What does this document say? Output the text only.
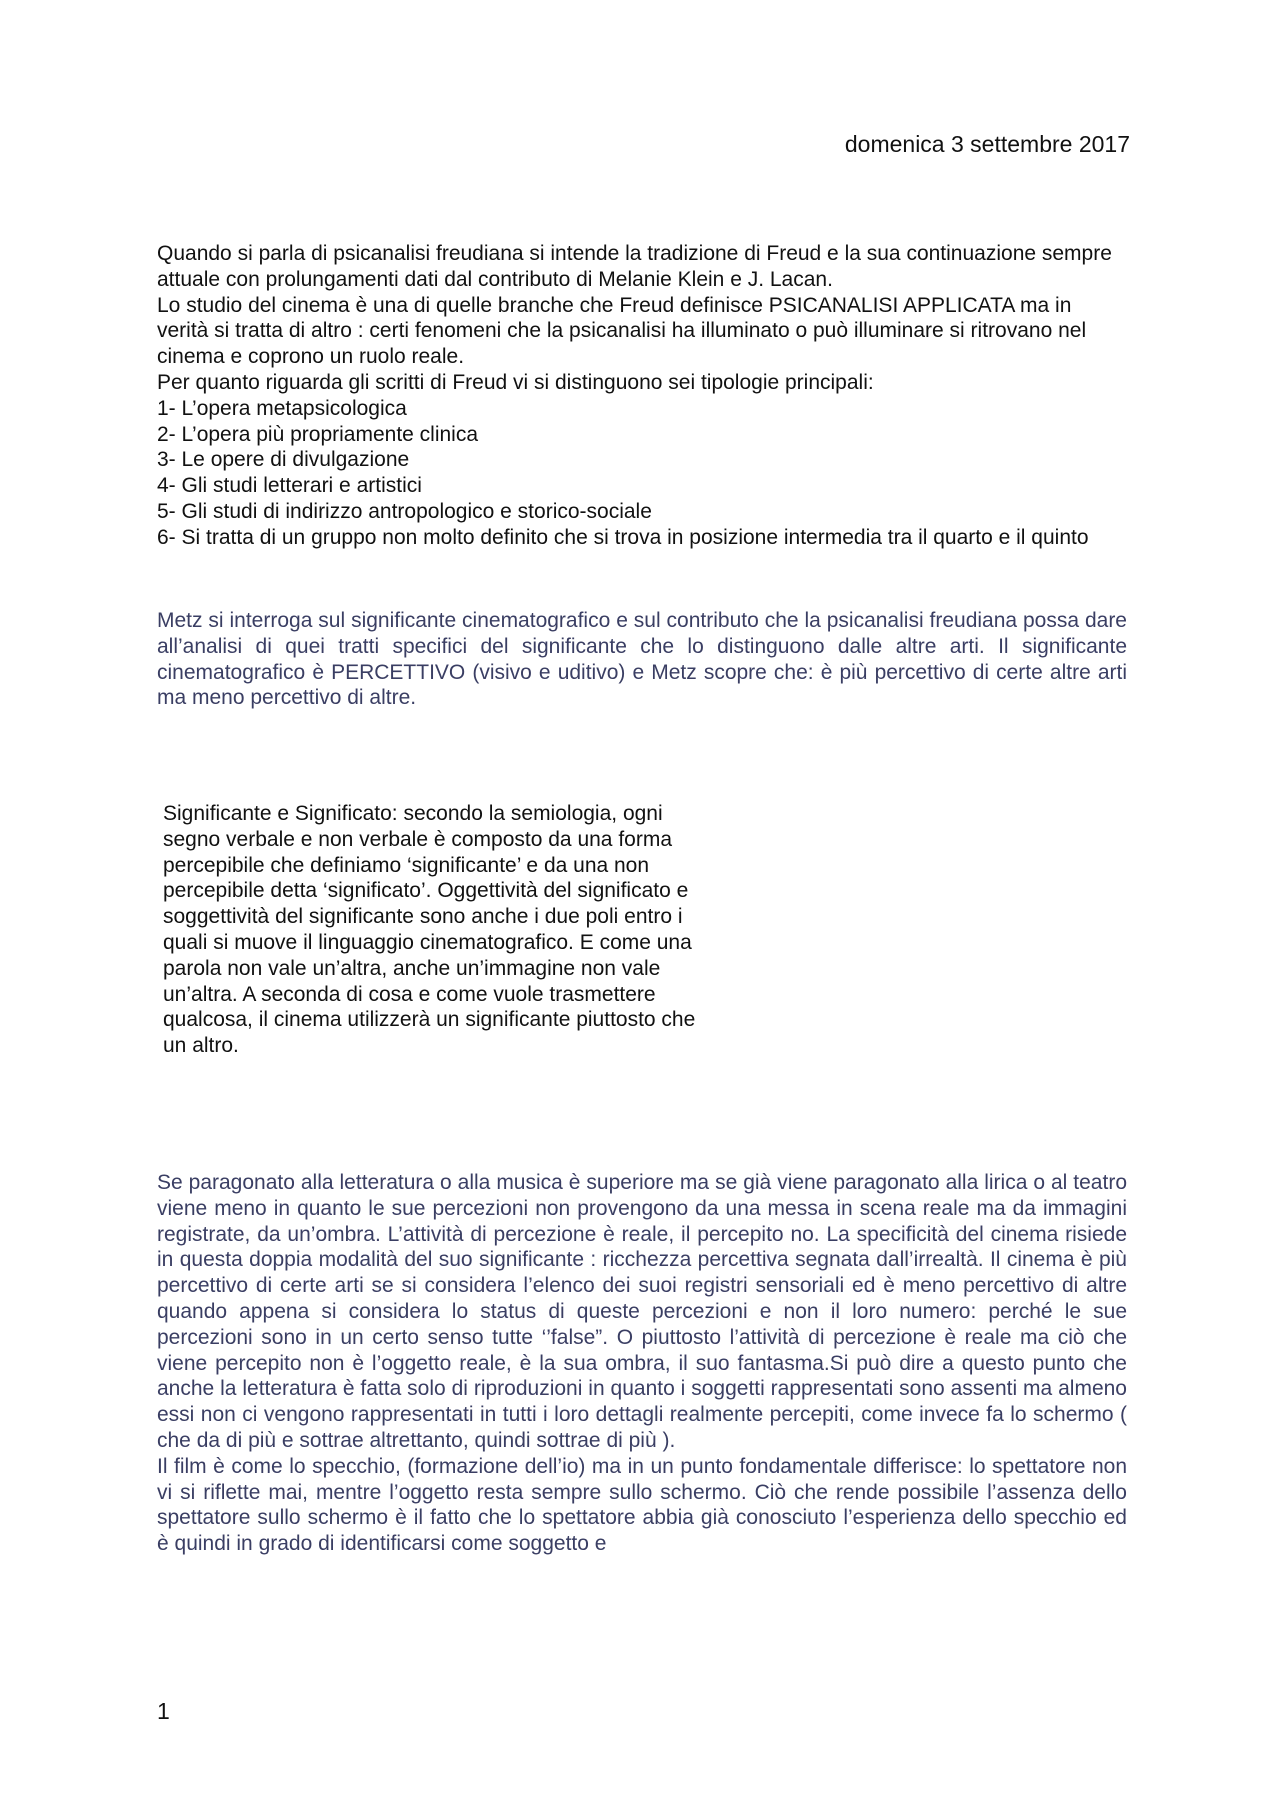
domenica 3 settembre 2017

Quando si parla di psicanalisi freudiana si intende la tradizione di Freud e la sua continuazione sempre attuale con prolungamenti dati dal contributo di Melanie Klein e J. Lacan.

Lo studio del cinema è una di quelle branche che Freud definisce PSICANALISI APPLICATA ma in verità si tratta di altro : certi fenomeni che la psicanalisi ha illuminato o può illuminare si ritrovano nel cinema e coprono un ruolo reale.

Per quanto riguarda gli scritti di Freud vi si distinguono sei tipologie principali:

1- L’opera metapsicologica
2- L’opera più propriamente clinica
3- Le opere di divulgazione
4- Gli studi letterari e artistici
5- Gli studi di indirizzo antropologico e storico-sociale
6- Si tratta di un gruppo non molto definito che si trova in posizione intermedia tra il quarto e il quinto

Metz si interroga sul significante cinematografico e sul contributo che la psicanalisi freudiana possa dare all’analisi di quei tratti specifici del significante che lo distinguono dalle altre arti. Il significante cinematografico è PERCETTIVO (visivo e uditivo) e Metz scopre che: è più percettivo di certe altre arti ma meno percettivo di altre.

Significante e Significato: secondo la semiologia, ogni segno verbale e non verbale è composto da una forma percepibile che definiamo ‘significante’ e da una non percepibile detta ‘significato’. Oggettività del significato e soggettività del significante sono anche i due poli entro i quali si muove il linguaggio cinematografico. E come una parola non vale un’altra, anche un’immagine non vale un’altra. A seconda di cosa e come vuole trasmettere qualcosa, il cinema utilizzerà un significante piuttosto che un altro.

Se paragonato alla letteratura o alla musica è superiore ma se già viene paragonato alla lirica o al teatro viene meno in quanto le sue percezioni non provengono da una messa in scena reale ma da immagini registrate, da un’ombra. L’attività di percezione è reale, il percepito no. La specificità del cinema risiede in questa doppia modalità del suo significante : ricchezza percettiva segnata dall’irrealtà. Il cinema è più percettivo di certe arti se si considera l’elenco dei suoi registri sensoriali ed è meno percettivo di altre quando appena si considera lo status di queste percezioni e non il loro numero: perché le sue percezioni sono in un certo senso tutte ‘’false”. O piuttosto l’attività di percezione è reale ma ciò che viene percepito non è l’oggetto reale, è la sua ombra, il suo fantasma.Si può dire a questo punto che anche la letteratura è fatta solo di riproduzioni in quanto i soggetti rappresentati sono assenti ma almeno essi non ci vengono rappresentati in tutti i loro dettagli realmente percepiti, come invece fa lo schermo ( che da di più e sottrae altrettanto, quindi sottrae di più ).

Il film è come lo specchio, (formazione dell’io) ma in un punto fondamentale differisce: lo spettatore non vi si riflette mai, mentre l’oggetto resta sempre sullo schermo. Ciò che rende possibile l’assenza dello spettatore sullo schermo è il fatto che lo spettatore abbia già conosciuto l’esperienza dello specchio ed è quindi in grado di identificarsi come soggetto e

1
